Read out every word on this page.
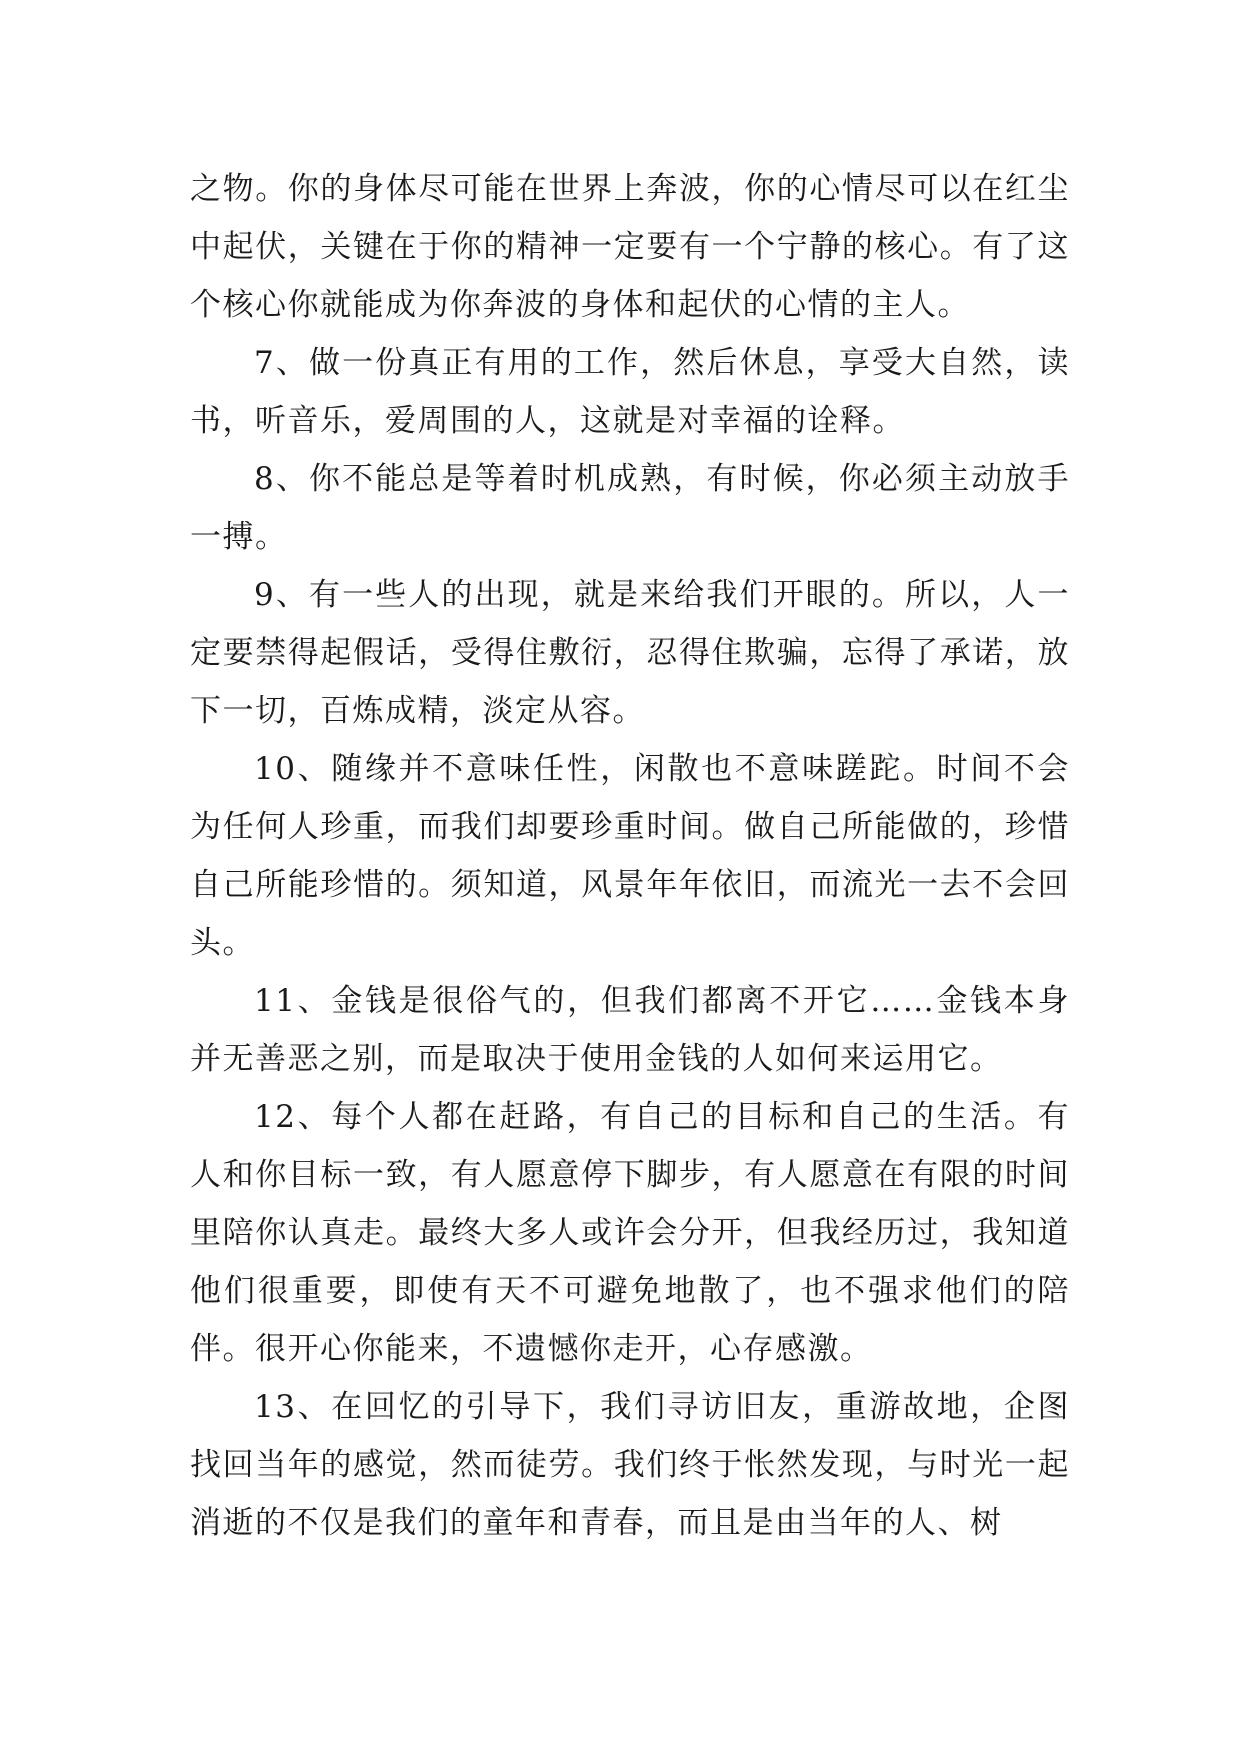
之物。你的身体尽可能在世界上奔波，你的心情尽可以在红尘中起伏，关键在于你的精神一定要有一个宁静的核心。有了这个核心你就能成为你奔波的身体和起伏的心情的主人。

7、做一份真正有用的工作，然后休息，享受大自然，读书，听音乐，爱周围的人，这就是对幸福的诠释。

8、你不能总是等着时机成熟，有时候，你必须主动放手一搏。

9、有一些人的出现，就是来给我们开眼的。所以，人一定要禁得起假话，受得住敷衍，忍得住欺骗，忘得了承诺，放下一切，百炼成精，淡定从容。

10、随缘并不意味任性，闲散也不意味蹉跎。时间不会为任何人珍重，而我们却要珍重时间。做自己所能做的，珍惜自己所能珍惜的。须知道，风景年年依旧，而流光一去不会回头。

11、金钱是很俗气的，但我们都离不开它……金钱本身并无善恶之别，而是取决于使用金钱的人如何来运用它。

12、每个人都在赶路，有自己的目标和自己的生活。有人和你目标一致，有人愿意停下脚步，有人愿意在有限的时间里陪你认真走。最终大多人或许会分开，但我经历过，我知道他们很重要，即使有天不可避免地散了，也不强求他们的陪伴。很开心你能来，不遗憾你走开，心存感激。

13、在回忆的引导下，我们寻访旧友，重游故地，企图找回当年的感觉，然而徒劳。我们终于怅然发现，与时光一起消逝的不仅是我们的童年和青春，而且是由当年的人、树
